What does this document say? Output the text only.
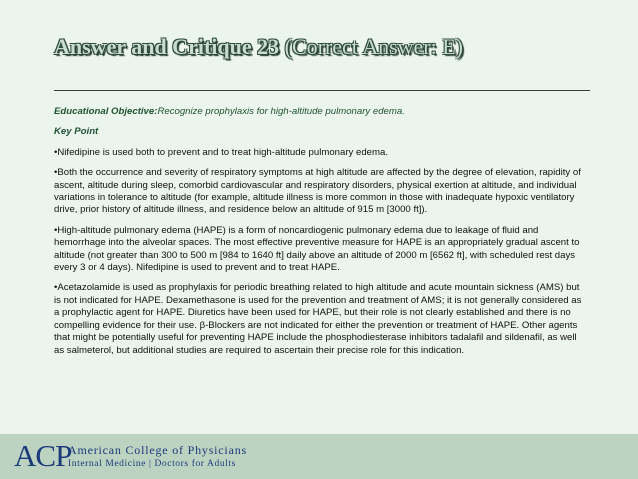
Answer and Critique 23 (Correct Answer: E)

Educational Objective:Recognize prophylaxis for high-altitude pulmonary edema.

Key Point

•Nifedipine is used both to prevent and to treat high-altitude pulmonary edema.

•Both the occurrence and severity of respiratory symptoms at high altitude are affected by the degree of elevation, rapidity of ascent, altitude during sleep, comorbid cardiovascular and respiratory disorders, physical exertion at altitude, and individual variations in tolerance to altitude (for example, altitude illness is more common in those with inadequate hypoxic ventilatory drive, prior history of altitude illness, and residence below an altitude of 915 m [3000 ft]).

•High-altitude pulmonary edema (HAPE) is a form of noncardiogenic pulmonary edema due to leakage of fluid and hemorrhage into the alveolar spaces. The most effective preventive measure for HAPE is an appropriately gradual ascent to altitude (not greater than 300 to 500 m [984 to 1640 ft] daily above an altitude of 2000 m [6562 ft], with scheduled rest days every 3 or 4 days). Nifedipine is used to prevent and to treat HAPE.

•Acetazolamide is used as prophylaxis for periodic breathing related to high altitude and acute mountain sickness (AMS) but is not indicated for HAPE. Dexamethasone is used for the prevention and treatment of AMS; it is not generally considered as a prophylactic agent for HAPE. Diuretics have been used for HAPE, but their role is not clearly established and there is no compelling evidence for their use. β-Blockers are not indicated for either the prevention or treatment of HAPE. Other agents that might be potentially useful for preventing HAPE include the phosphodiesterase inhibitors tadalafil and sildenafil, as well as salmeterol, but additional studies are required to ascertain their precise role for this indication.

ACP
American College of Physicians
Internal Medicine | Doctors for Adults
